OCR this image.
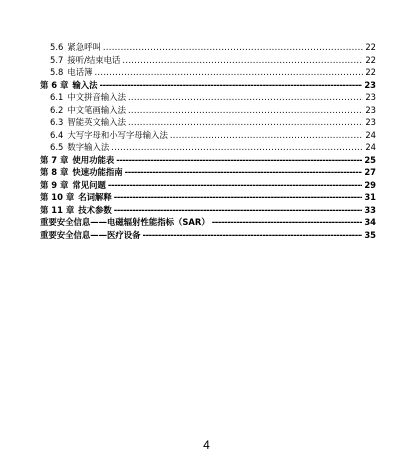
5.6 紧急呼叫 .....	22
5.7 接听/结束电话 .....	22
5.8 电话簿 .....	22
第 6 章 输入法 -----	23
6.1 中文拼音输入法 .....	23
6.2 中文笔画输入法 .....	23
6.3 智能英文输入法 .....	23
6.4 大写字母和小写字母输入法 .....	24
6.5 数字输入法 .....	24
第 7 章 使用功能表 -----	25
第 8 章 快速功能指南 -----	27
第 9 章 常见问题 -----	29
第 10 章 名词解释 -----	31
第 11 章 技术参数 -----	33
重要安全信息——电磁辐射性能指标（SAR） -----	34
重要安全信息——医疗设备 -----	35
4
